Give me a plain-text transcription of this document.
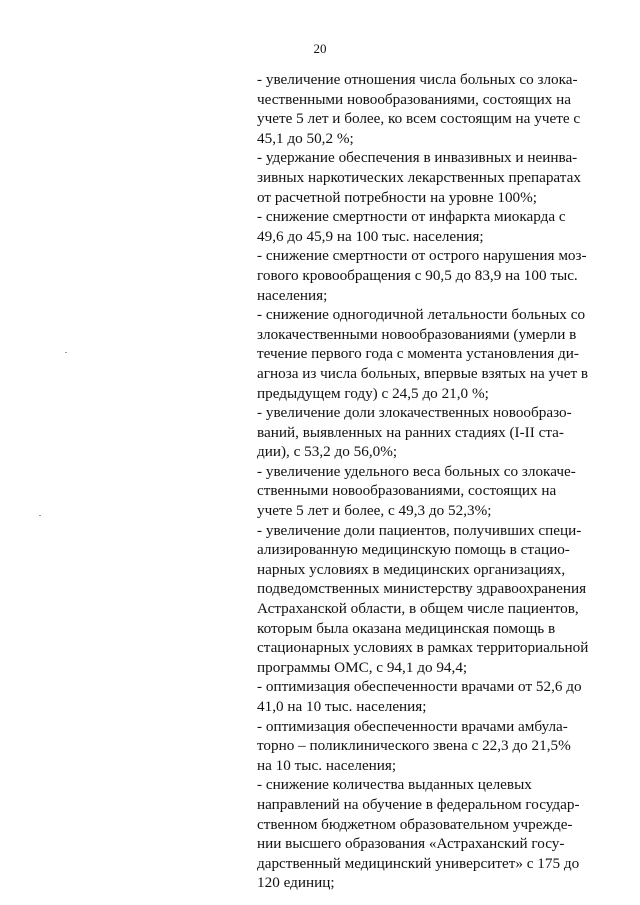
20

- увеличение отношения числа больных со злока-
чественными новообразованиями, состоящих на
учете 5 лет и более, ко всем состоящим на учете с
45,1 до 50,2 %;

- удержание обеспечения в инвазивных и неинва-
зивных наркотических лекарственных препаратах
от расчетной потребности на уровне 100%;

- снижение смертности от инфаркта миокарда с
49,6 до 45,9 на 100 тыс. населения;

- снижение смертности от острого нарушения моз-
гового кровообращения с 90,5 до 83,9 на 100 тыс.
населения;

- снижение одногодичной летальности больных со
злокачественными новообразованиями (умерли в
течение первого года с момента установления ди-
агноза из числа больных, впервые взятых на учет в
предыдущем году) с 24,5 до 21,0 %;

- увеличение доли злокачественных новообразо-
ваний, выявленных на ранних стадиях (I-II ста-
дии), с 53,2 до 56,0%;

- увеличение удельного веса больных со злокаче-
ственными новообразованиями, состоящих на
учете 5 лет и более, с 49,3 до 52,3%;

- увеличение доли пациентов, получивших специ-
ализированную медицинскую помощь в стацио-
нарных условиях в медицинских организациях,
подведомственных министерству здравоохранения
Астраханской области, в общем числе пациентов,
которым была оказана медицинская помощь в
стационарных условиях в рамках территориальной
программы ОМС, с 94,1 до 94,4;

- оптимизация обеспеченности врачами от 52,6 до
41,0 на 10 тыс. населения;

- оптимизация обеспеченности врачами амбула-
торно – поликлинического звена с 22,3 до 21,5%
на 10 тыс. населения;

- снижение количества выданных целевых
направлений на обучение в федеральном государ-
ственном бюджетном образовательном учрежде-
нии высшего образования «Астраханский госу-
дарственный медицинский университет» с 175 до
120 единиц;
